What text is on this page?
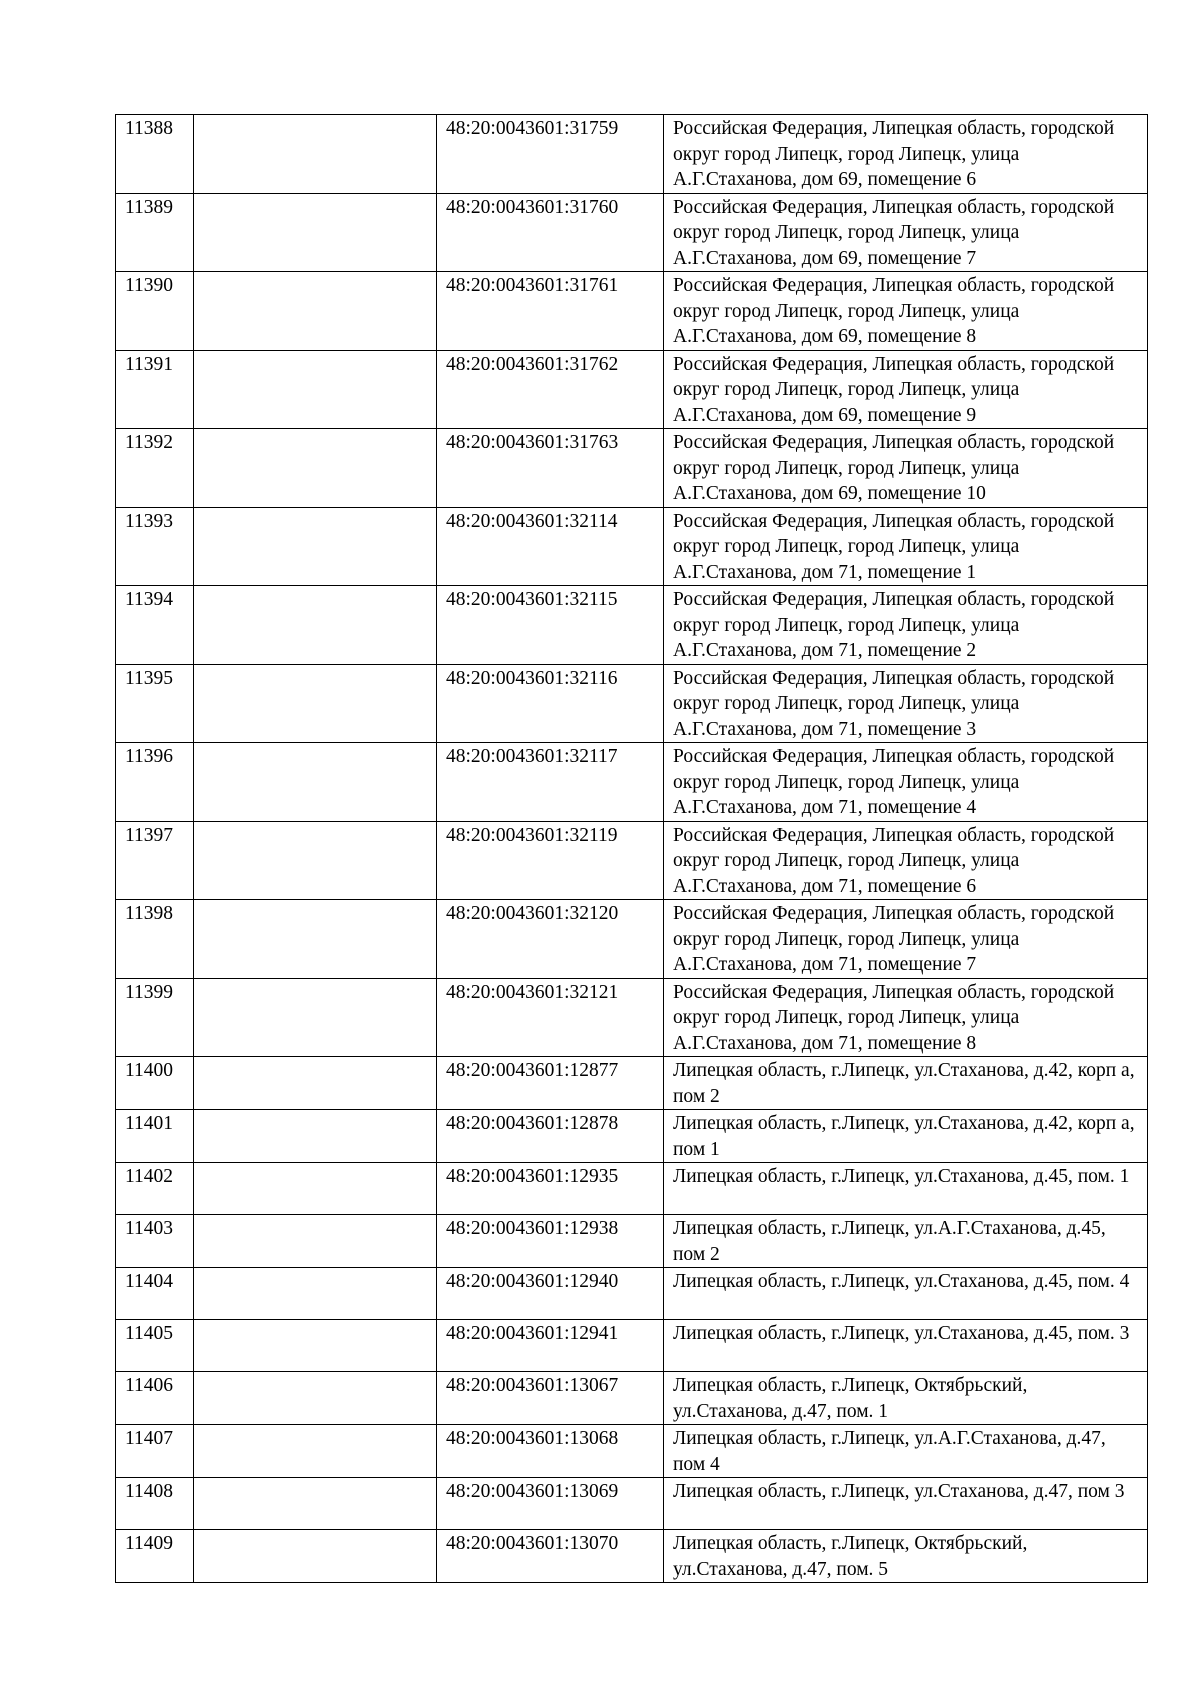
11388		48:20:0043601:31759	Российская Федерация, Липецкая область, городской округ город Липецк, город Липецк, улица А.Г.Стаханова, дом 69, помещение 6
11389		48:20:0043601:31760	Российская Федерация, Липецкая область, городской округ город Липецк, город Липецк, улица А.Г.Стаханова, дом 69, помещение 7
11390		48:20:0043601:31761	Российская Федерация, Липецкая область, городской округ город Липецк, город Липецк, улица А.Г.Стаханова, дом 69, помещение 8
11391		48:20:0043601:31762	Российская Федерация, Липецкая область, городской округ город Липецк, город Липецк, улица А.Г.Стаханова, дом 69, помещение 9
11392		48:20:0043601:31763	Российская Федерация, Липецкая область, городской округ город Липецк, город Липецк, улица А.Г.Стаханова, дом 69, помещение 10
11393		48:20:0043601:32114	Российская Федерация, Липецкая область, городской округ город Липецк, город Липецк, улица А.Г.Стаханова, дом 71, помещение 1
11394		48:20:0043601:32115	Российская Федерация, Липецкая область, городской округ город Липецк, город Липецк, улица А.Г.Стаханова, дом 71, помещение 2
11395		48:20:0043601:32116	Российская Федерация, Липецкая область, городской округ город Липецк, город Липецк, улица А.Г.Стаханова, дом 71, помещение 3
11396		48:20:0043601:32117	Российская Федерация, Липецкая область, городской округ город Липецк, город Липецк, улица А.Г.Стаханова, дом 71, помещение 4
11397		48:20:0043601:32119	Российская Федерация, Липецкая область, городской округ город Липецк, город Липецк, улица А.Г.Стаханова, дом 71, помещение 6
11398		48:20:0043601:32120	Российская Федерация, Липецкая область, городской округ город Липецк, город Липецк, улица А.Г.Стаханова, дом 71, помещение 7
11399		48:20:0043601:32121	Российская Федерация, Липецкая область, городской округ город Липецк, город Липецк, улица А.Г.Стаханова, дом 71, помещение 8
11400		48:20:0043601:12877	Липецкая область, г.Липецк, ул.Стаханова, д.42, корп а, пом 2
11401		48:20:0043601:12878	Липецкая область, г.Липецк, ул.Стаханова, д.42, корп а, пом 1
11402		48:20:0043601:12935	Липецкая область, г.Липецк, ул.Стаханова, д.45, пом. 1
11403		48:20:0043601:12938	Липецкая область, г.Липецк, ул.А.Г.Стаханова, д.45, пом 2
11404		48:20:0043601:12940	Липецкая область, г.Липецк, ул.Стаханова, д.45, пом. 4
11405		48:20:0043601:12941	Липецкая область, г.Липецк, ул.Стаханова, д.45, пом. 3
11406		48:20:0043601:13067	Липецкая область, г.Липецк, Октябрьский, ул.Стаханова, д.47, пом. 1
11407		48:20:0043601:13068	Липецкая область, г.Липецк, ул.А.Г.Стаханова, д.47, пом 4
11408		48:20:0043601:13069	Липецкая область, г.Липецк, ул.Стаханова, д.47, пом 3
11409		48:20:0043601:13070	Липецкая область, г.Липецк, Октябрьский, ул.Стаханова, д.47, пом. 5
